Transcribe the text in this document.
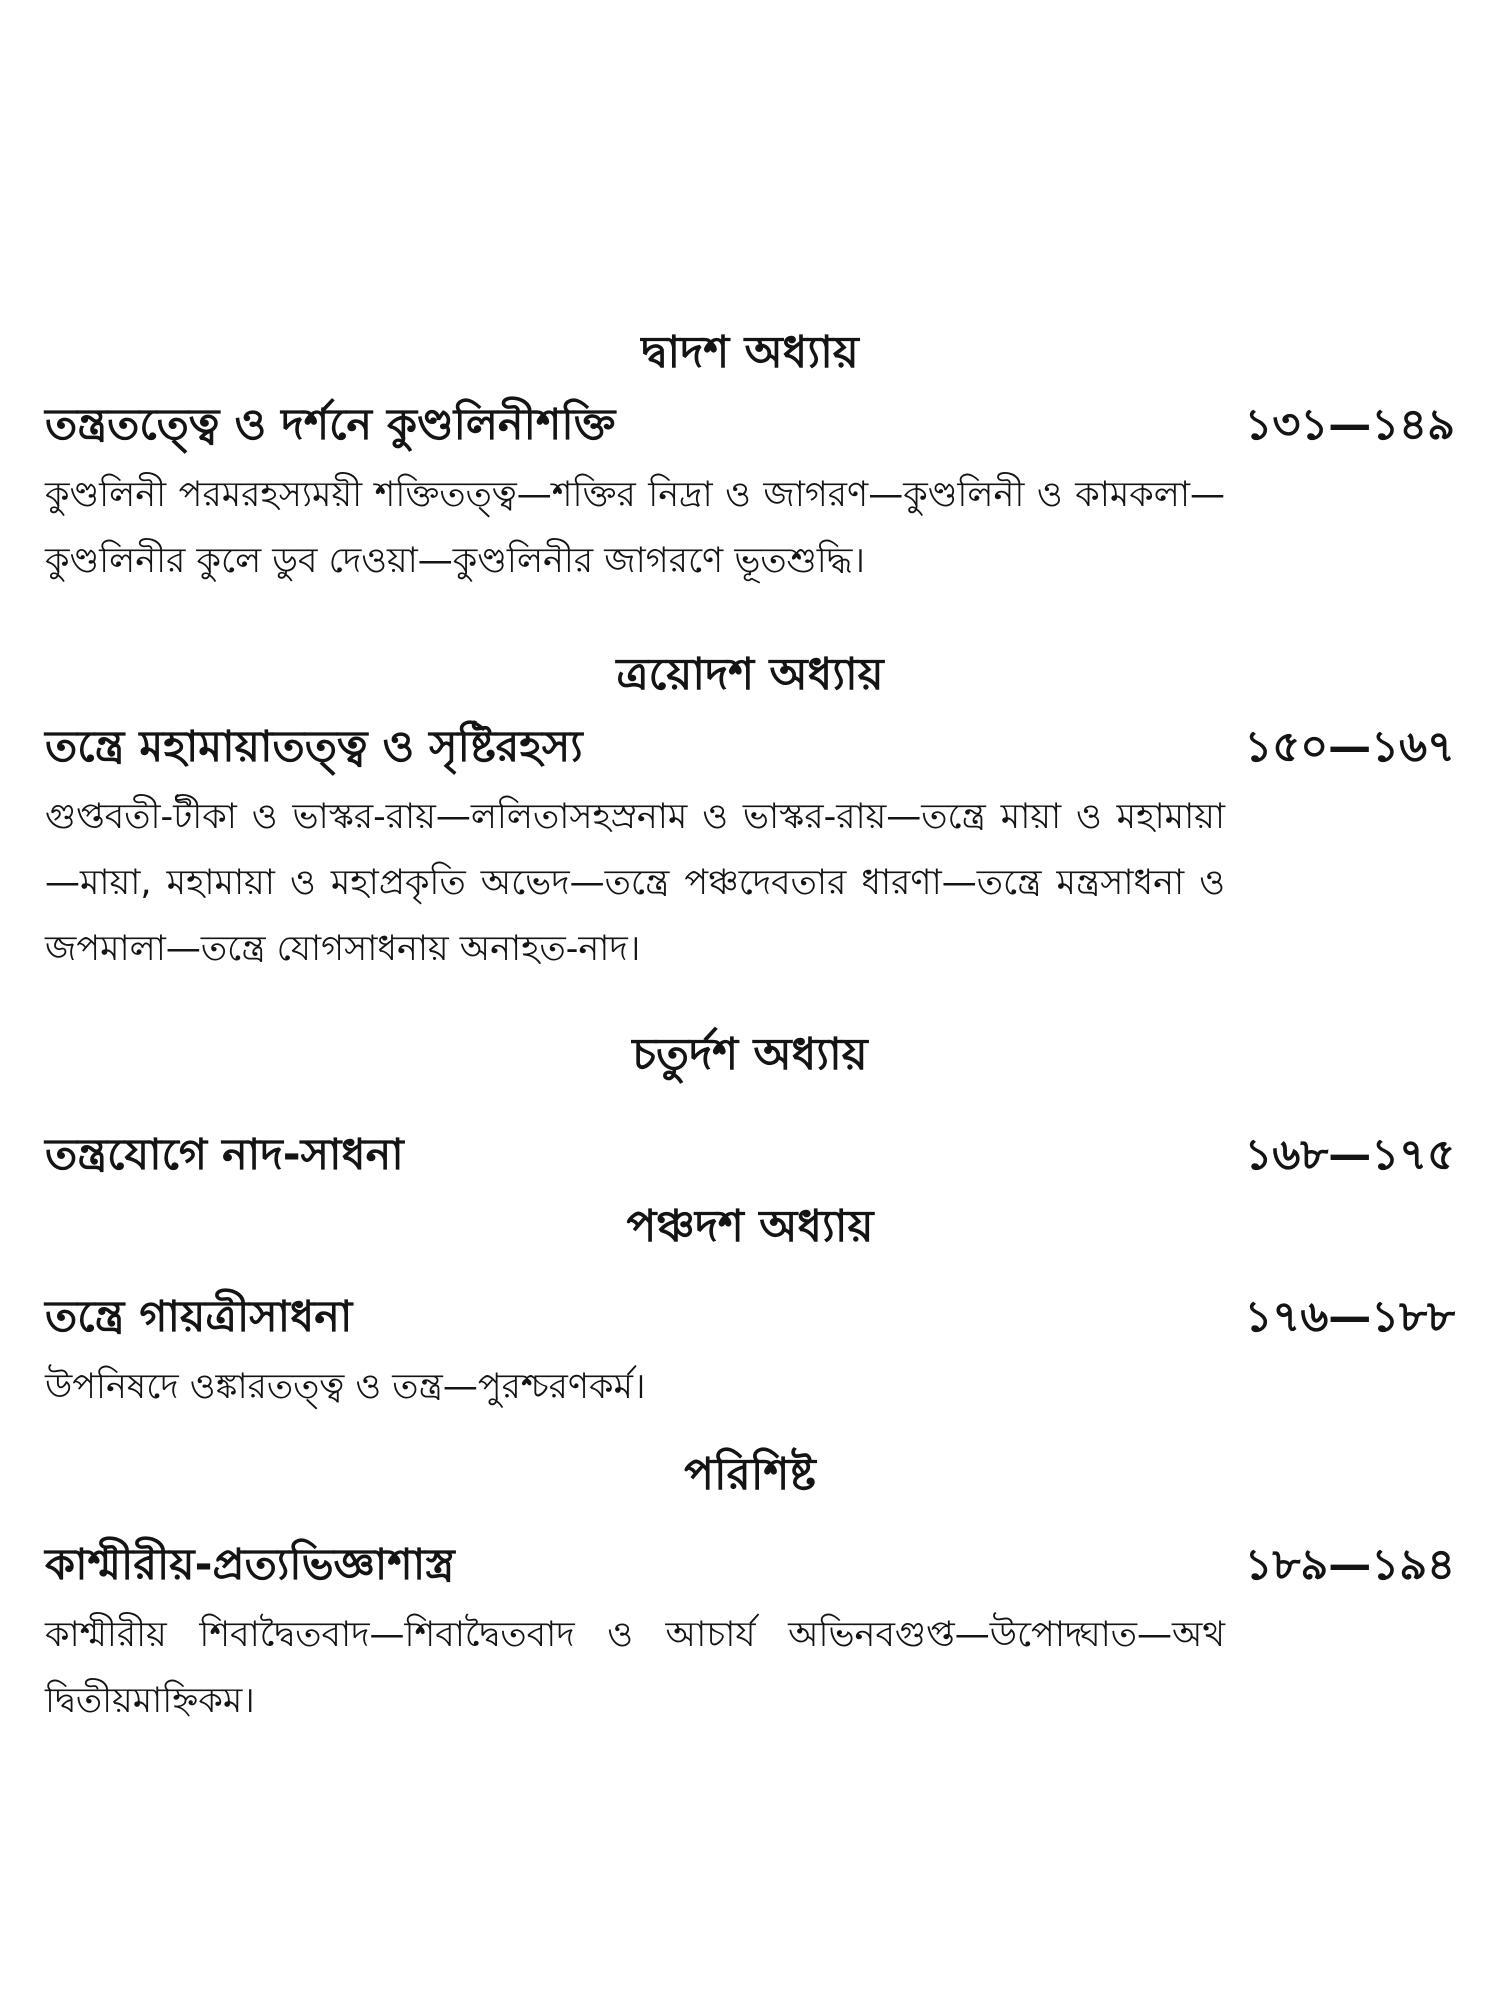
দ্বাদশ অধ্যায়
তন্ত্রতত্ত্বে ও দর্শনে কুণ্ডলিনীশক্তি	১৩১—১৪৯

কুণ্ডলিনী পরমরহস্যময়ী শক্তিতত্ত্ব—শক্তির নিদ্রা ও জাগরণ—কুণ্ডলিনী ও কামকলা—কুণ্ডলিনীর কুলে ডুব দেওয়া—কুণ্ডলিনীর জাগরণে ভূতশুদ্ধি।

ত্রয়োদশ অধ্যায়
তন্ত্রে মহামায়াতত্ত্ব ও সৃষ্টিরহস্য	১৫০—১৬৭

গুপ্তবতী-টীকা ও ভাস্কর-রায়—ললিতাসহস্রনাম ও ভাস্কর-রায়—তন্ত্রে মায়া ও মহামায়া—মায়া, মহামায়া ও মহাপ্রকৃতি অভেদ—তন্ত্রে পঞ্চদেবতার ধারণা—তন্ত্রে মন্ত্রসাধনা ও জপমালা—তন্ত্রে যোগসাধনায় অনাহত-নাদ।

চতুর্দশ অধ্যায়
তন্ত্রযোগে নাদ-সাধনা	১৬৮—১৭৫
পঞ্চদশ অধ্যায়
তন্ত্রে গায়ত্রীসাধনা	১৭৬—১৮৮

উপনিষদে ওঙ্কারতত্ত্ব ও তন্ত্র—পুরশ্চরণকর্ম।

পরিশিষ্ট
কাশ্মীরীয়-প্রত্যভিজ্ঞাশাস্ত্র	১৮৯—১৯৪

কাশ্মীরীয় শিবাদ্বৈতবাদ—শিবাদ্বৈতবাদ ও আচার্য অভিনবগুপ্ত—উপোদ্ঘাত—অথ দ্বিতীয়মাহ্নিকম।
